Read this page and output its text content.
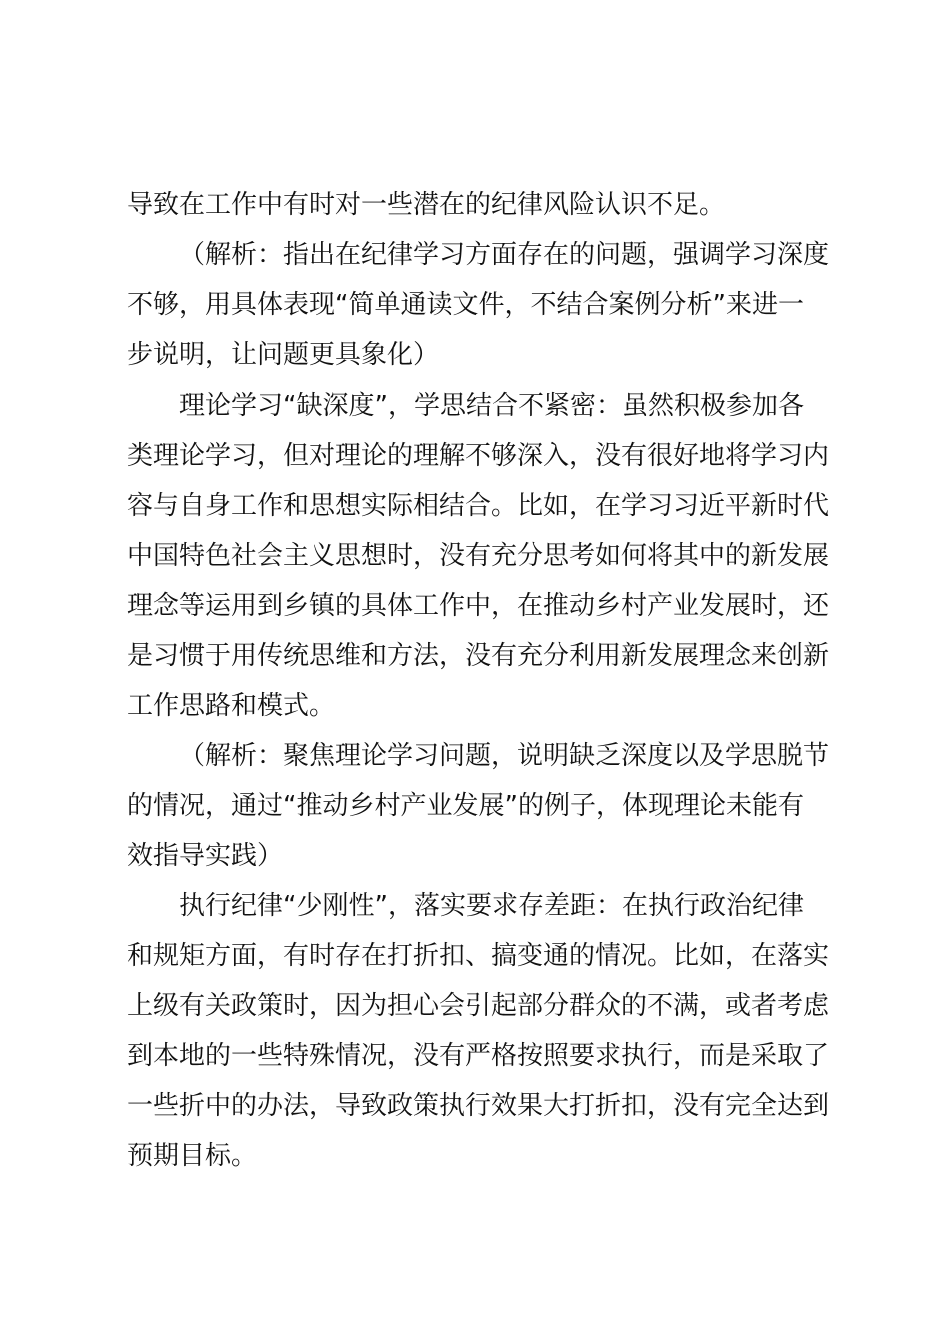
导致在工作中有时对一些潜在的纪律风险认识不足。

（解析：指出在纪律学习方面存在的问题，强调学习深度

不够，用具体表现“简单通读文件，不结合案例分析”来进一

步说明，让问题更具象化）

理论学习“缺深度”，学思结合不紧密：虽然积极参加各

类理论学习，但对理论的理解不够深入，没有很好地将学习内

容与自身工作和思想实际相结合。比如，在学习习近平新时代

中国特色社会主义思想时，没有充分思考如何将其中的新发展

理念等运用到乡镇的具体工作中，在推动乡村产业发展时，还

是习惯于用传统思维和方法，没有充分利用新发展理念来创新

工作思路和模式。

（解析：聚焦理论学习问题，说明缺乏深度以及学思脱节

的情况，通过“推动乡村产业发展”的例子，体现理论未能有

效指导实践）

执行纪律“少刚性”，落实要求存差距：在执行政治纪律

和规矩方面，有时存在打折扣、搞变通的情况。比如，在落实

上级有关政策时，因为担心会引起部分群众的不满，或者考虑

到本地的一些特殊情况，没有严格按照要求执行，而是采取了

一些折中的办法，导致政策执行效果大打折扣，没有完全达到

预期目标。
